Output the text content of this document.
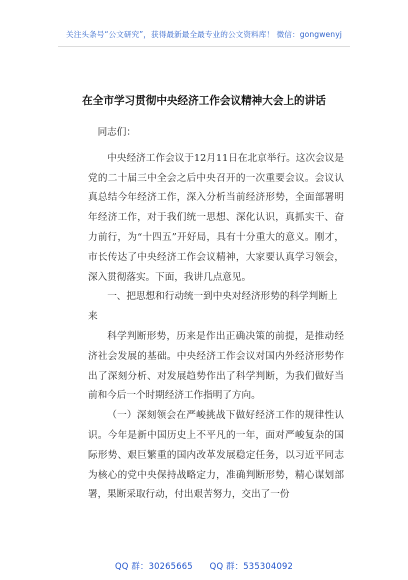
关注头条号“公文研究”，获得最新最全最专业的公文资料库！ 微信：gongwenyj
在全市学习贯彻中央经济工作会议精神大会上的讲话

同志们：

中央经济工作会议于12月11日在北京举行。这次会议是党的二十届三中全会之后中央召开的一次重要会议。会议认真总结今年经济工作，深入分析当前经济形势，全面部署明年经济工作，对于我们统一思想、深化认识，真抓实干、奋力前行，为“十四五”开好局，具有十分重大的意义。刚才，市长传达了中央经济工作会议精神，大家要认真学习领会，深入贯彻落实。下面，我讲几点意见。

一、把思想和行动统一到中央对经济形势的科学判断上来

科学判断形势，历来是作出正确决策的前提，是推动经济社会发展的基础。中央经济工作会议对国内外经济形势作出了深刻分析、对发展趋势作出了科学判断，为我们做好当前和今后一个时期经济工作指明了方向。

（一）深刻领会在严峻挑战下做好经济工作的规律性认识。今年是新中国历史上不平凡的一年，面对严峻复杂的国际形势、艰巨繁重的国内改革发展稳定任务，以习近平同志为核心的党中央保持战略定力，准确判断形势，精心谋划部署，果断采取行动，付出艰苦努力，交出了一份

QQ 群：30265665 QQ 群：535304092
